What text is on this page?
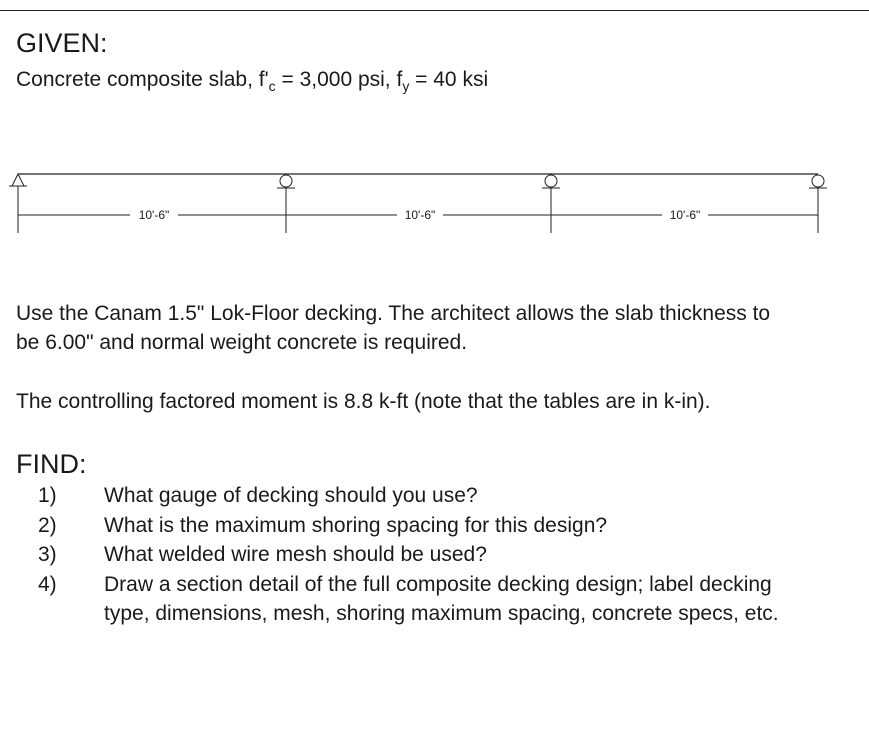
GIVEN:

Concrete composite slab, $f'_c = 3,000$ psi, $f_y = 40$ ksi

10'-6"	10'-6"	10'-6"

Use the Canam 1.5" Lok-Floor decking. The architect allows the slab thickness to

be 6.00" and normal weight concrete is required.

The controlling factored moment is 8.8 k-ft (note that the tables are in k-in).

FIND:
1) What gauge of decking should you use?
2) What is the maximum shoring spacing for this design?
3) What welded wire mesh should be used?
4) Draw a section detail of the full composite decking design; label decking
type, dimensions, mesh, shoring maximum spacing, concrete specs, etc.
